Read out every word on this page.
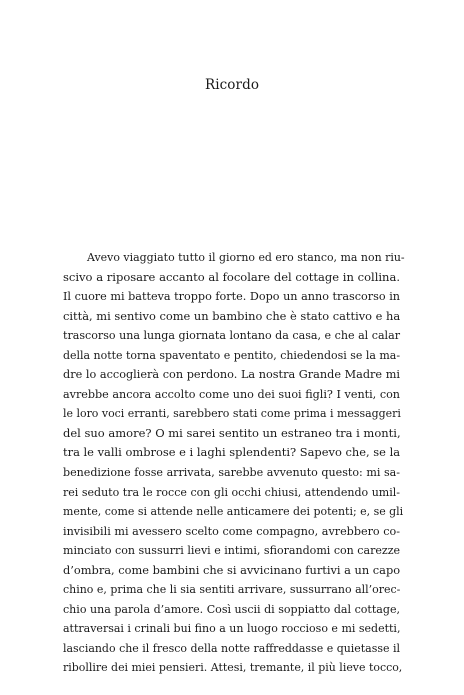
Ricordo
Avevo viaggiato tutto il giorno ed ero stanco, ma non riu-
scivo a riposare accanto al focolare del cottage in collina.
Il cuore mi batteva troppo forte. Dopo un anno trascorso in
città, mi sentivo come un bambino che è stato cattivo e ha
trascorso una lunga giornata lontano da casa, e che al calar
della notte torna spaventato e pentito, chiedendosi se la ma-
dre lo accoglierà con perdono. La nostra Grande Madre mi
avrebbe ancora accolto come uno dei suoi figli? I venti, con
le loro voci erranti, sarebbero stati come prima i messaggeri
del suo amore? O mi sarei sentito un estraneo tra i monti,
tra le valli ombrose e i laghi splendenti? Sapevo che, se la
benedizione fosse arrivata, sarebbe avvenuto questo: mi sa-
rei seduto tra le rocce con gli occhi chiusi, attendendo umil-
mente, come si attende nelle anticamere dei potenti; e, se gli
invisibili mi avessero scelto come compagno, avrebbero co-
minciato con sussurri lievi e intimi, sfiorandomi con carezze
d’ombra, come bambini che si avvicinano furtivi a un capo
chino e, prima che li sia sentiti arrivare, sussurrano all’orec-
chio una parola d’amore. Così uscii di soppiatto dal cottage,
attraversai i crinali bui fino a un luogo roccioso e mi sedetti,
lasciando che il fresco della notte raffreddasse e quietasse il
ribollire dei miei pensieri. Attesi, tremante, il più lieve tocco,
